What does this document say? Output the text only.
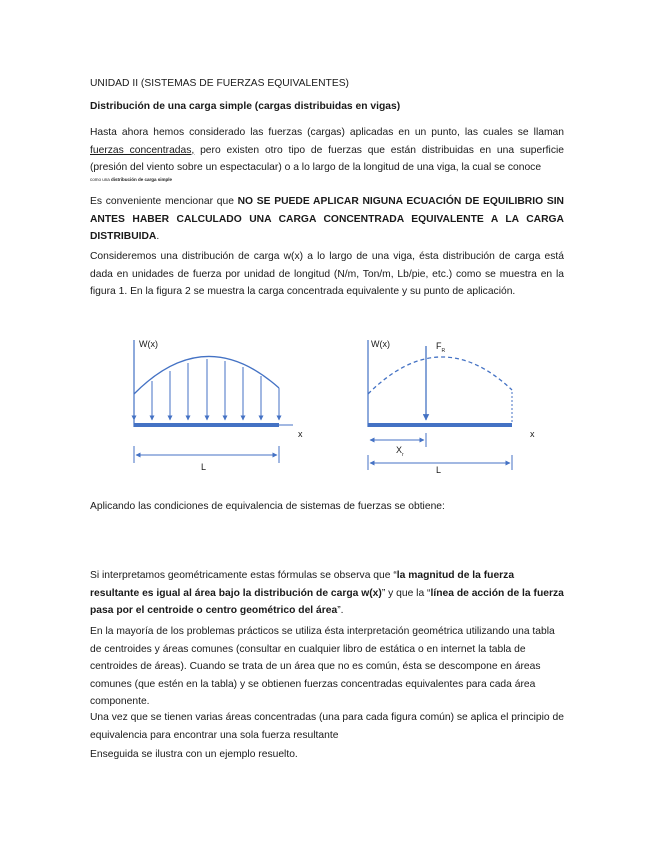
UNIDAD II (SISTEMAS DE FUERZAS EQUIVALENTES)

Distribución de una carga simple (cargas distribuidas en vigas)

Hasta ahora hemos considerado las fuerzas (cargas) aplicadas en un punto, las cuales se llaman fuerzas concentradas, pero existen otro tipo de fuerzas que están distribuidas en una superficie (presión del viento sobre un espectacular) o a lo largo de la longitud de una viga, la cual se conoce

como una distribución de carga simple

Es conveniente mencionar que NO SE PUEDE APLICAR NIGUNA ECUACIÓN DE EQUILIBRIO SIN ANTES HABER CALCULADO UNA CARGA CONCENTRADA EQUIVALENTE A LA CARGA DISTRIBUIDA.

Consideremos una distribución de carga w(x) a lo largo de una viga, ésta distribución de carga está dada en unidades de fuerza por unidad de longitud (N/m, Ton/m, Lb/pie, etc.) como se muestra en la figura 1. En la figura 2 se muestra la carga concentrada equivalente y su punto de aplicación.

W(x)
x
L
W(x)	$F_R$
x
$X_r$
L

Aplicando las condiciones de equivalencia de sistemas de fuerzas se obtiene:

Si interpretamos geométricamente estas fórmulas se observa que “la magnitud de la fuerza resultante es igual al área bajo la distribución de carga w(x)” y que la “línea de acción de la fuerza pasa por el centroide o centro geométrico del área”.

En la mayoría de los problemas prácticos se utiliza ésta interpretación geométrica utilizando una tabla de centroides y áreas comunes (consultar en cualquier libro de estática o en internet la tabla de centroides de áreas). Cuando se trata de un área que no es común, ésta se descompone en áreas comunes (que estén en la tabla) y se obtienen fuerzas concentradas equivalentes para cada área componente.

Una vez que se tienen varias áreas concentradas (una para cada figura común) se aplica el principio de equivalencia para encontrar una sola fuerza resultante

Enseguida se ilustra con un ejemplo resuelto.
